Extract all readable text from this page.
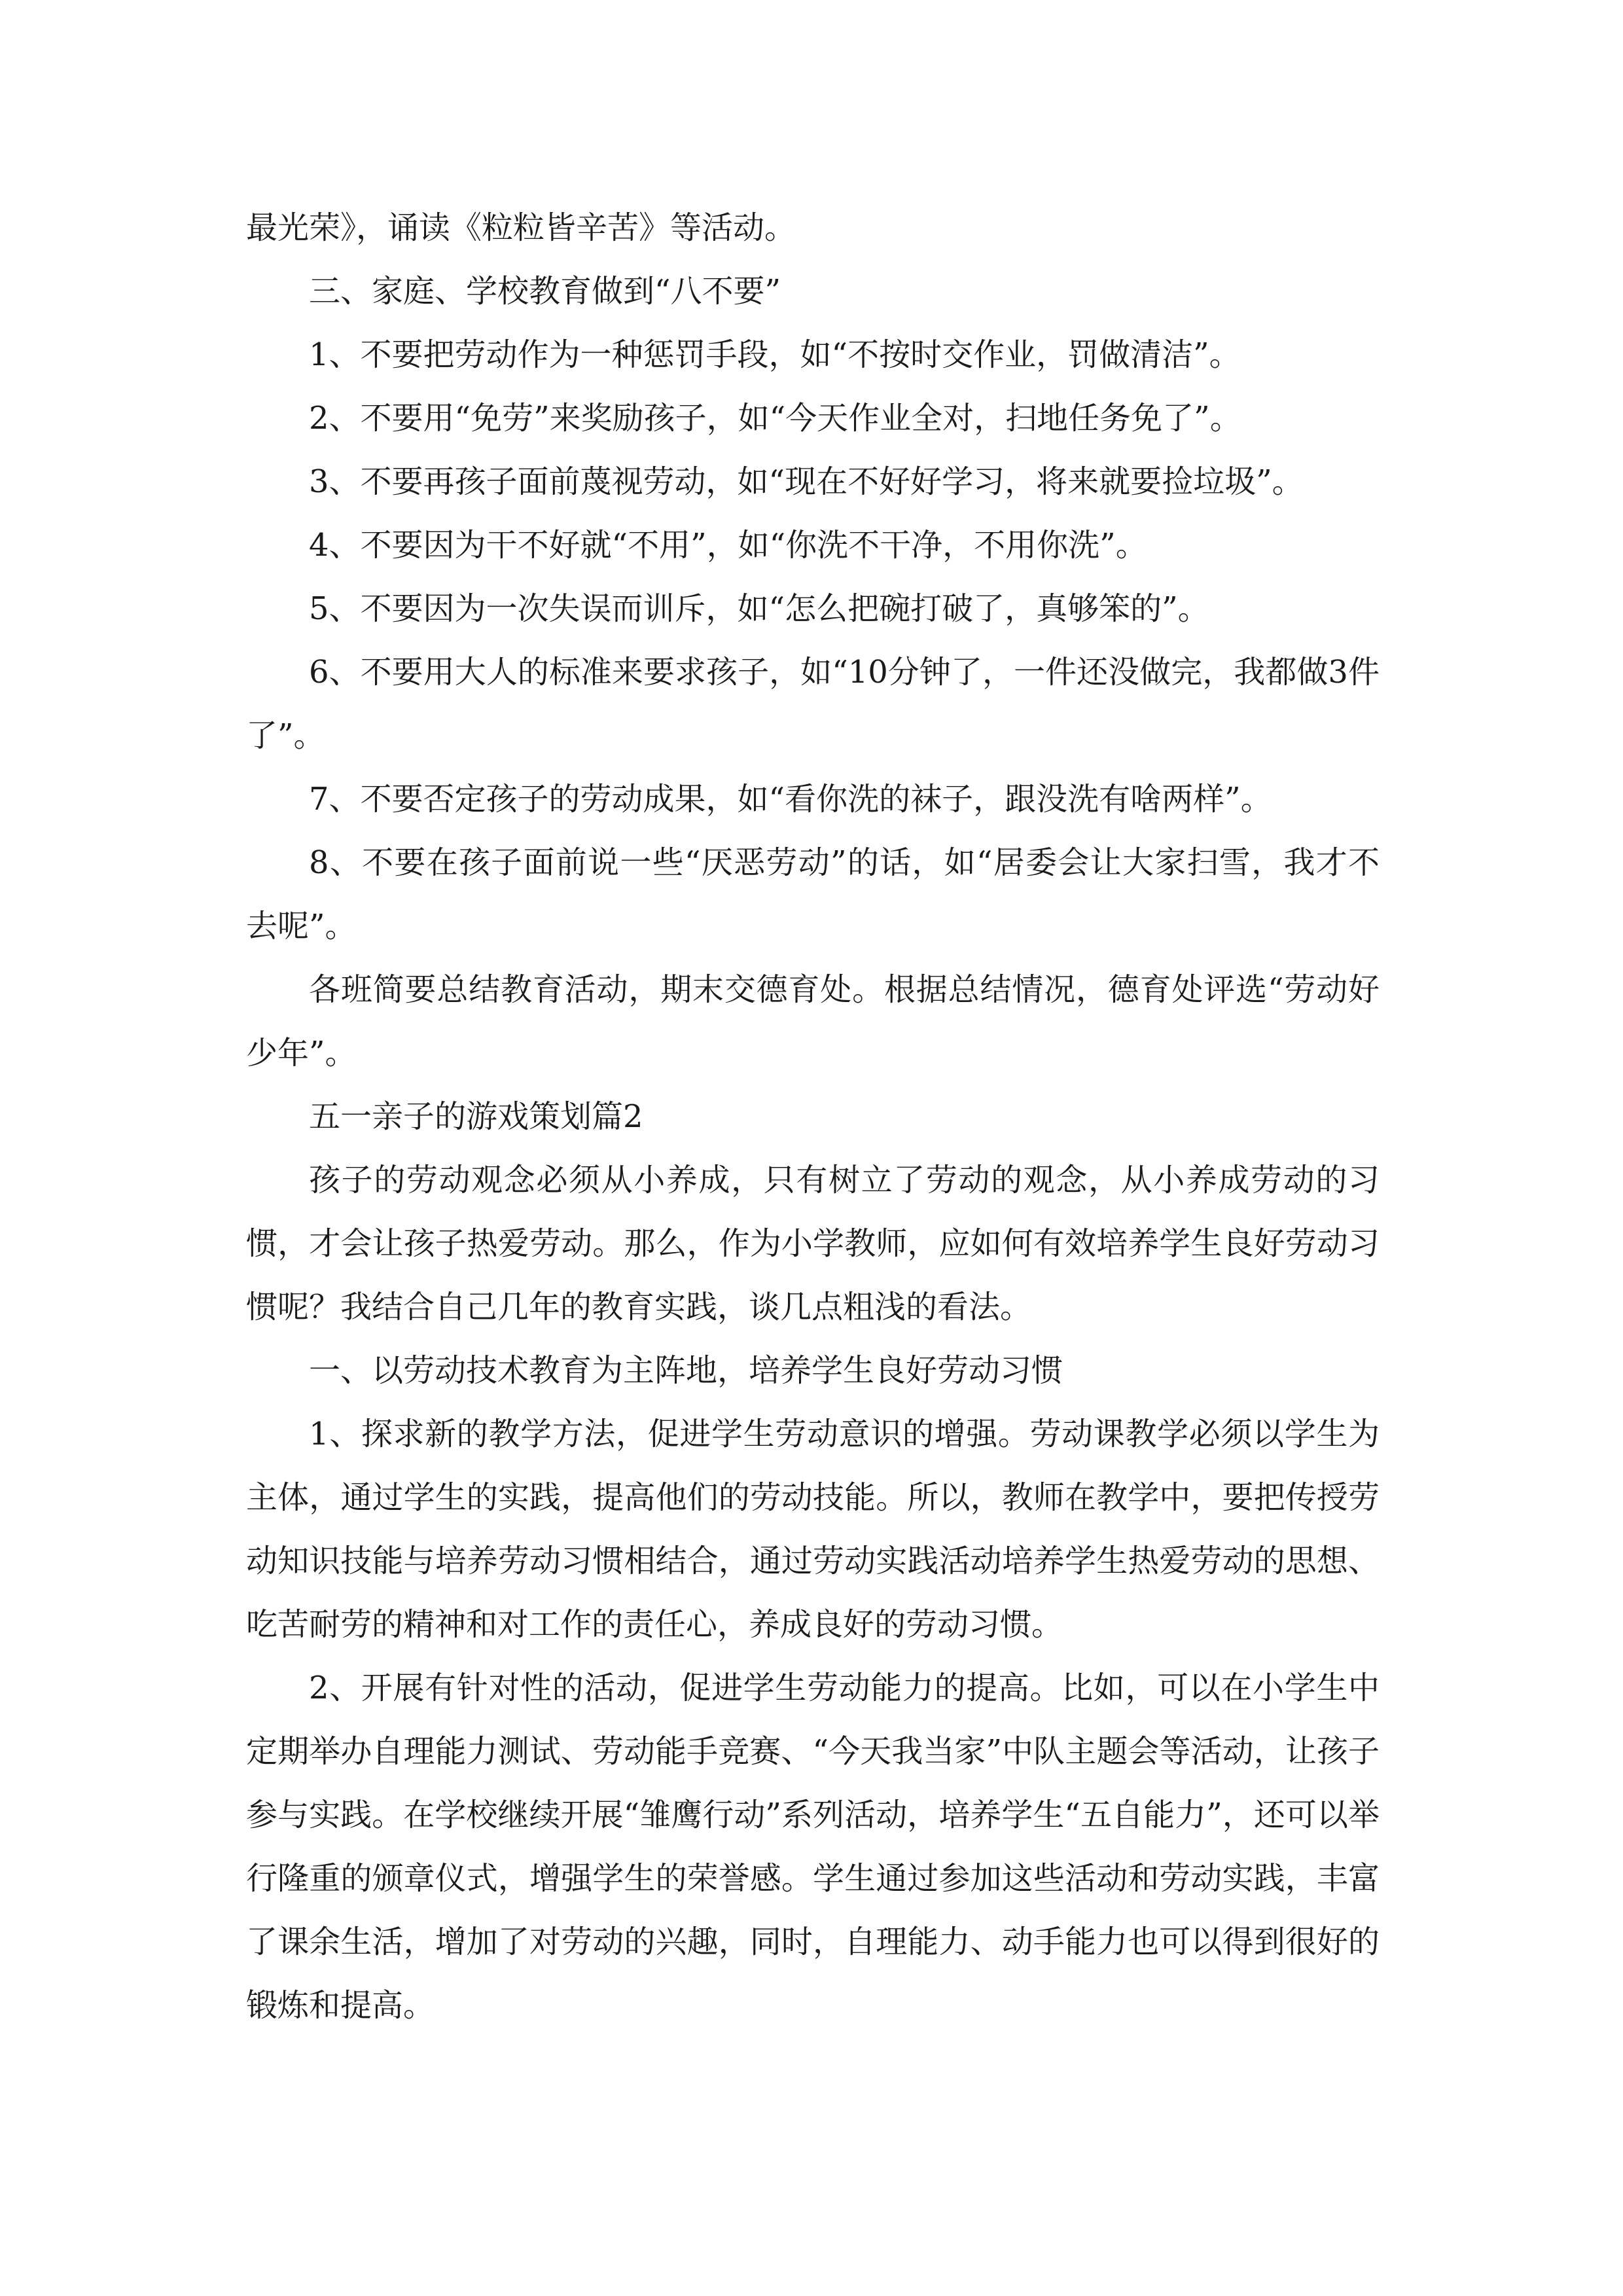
最光荣》，诵读《粒粒皆辛苦》等活动。

三、家庭、学校教育做到“八不要”

1、不要把劳动作为一种惩罚手段，如“不按时交作业，罚做清洁”。

2、不要用“免劳”来奖励孩子，如“今天作业全对，扫地任务免了”。

3、不要再孩子面前蔑视劳动，如“现在不好好学习，将来就要捡垃圾”。

4、不要因为干不好就“不用”，如“你洗不干净，不用你洗”。

5、不要因为一次失误而训斥，如“怎么把碗打破了，真够笨的”。

6、不要用大人的标准来要求孩子，如“10分钟了，一件还没做完，我都做3件了”。

7、不要否定孩子的劳动成果，如“看你洗的袜子，跟没洗有啥两样”。

8、不要在孩子面前说一些“厌恶劳动”的话，如“居委会让大家扫雪，我才不去呢”。

各班简要总结教育活动，期末交德育处。根据总结情况，德育处评选“劳动好少年”。

五一亲子的游戏策划篇2

孩子的劳动观念必须从小养成，只有树立了劳动的观念，从小养成劳动的习惯，才会让孩子热爱劳动。那么，作为小学教师，应如何有效培养学生良好劳动习惯呢？我结合自己几年的教育实践，谈几点粗浅的看法。

一、以劳动技术教育为主阵地，培养学生良好劳动习惯

1、探求新的教学方法，促进学生劳动意识的增强。劳动课教学必须以学生为主体，通过学生的实践，提高他们的劳动技能。所以，教师在教学中，要把传授劳动知识技能与培养劳动习惯相结合，通过劳动实践活动培养学生热爱劳动的思想、吃苦耐劳的精神和对工作的责任心，养成良好的劳动习惯。

2、开展有针对性的活动，促进学生劳动能力的提高。比如，可以在小学生中定期举办自理能力测试、劳动能手竞赛、“今天我当家”中队主题会等活动，让孩子参与实践。在学校继续开展“雏鹰行动”系列活动，培养学生“五自能力”，还可以举行隆重的颁章仪式，增强学生的荣誉感。学生通过参加这些活动和劳动实践，丰富了课余生活，增加了对劳动的兴趣，同时，自理能力、动手能力也可以得到很好的锻炼和提高。
